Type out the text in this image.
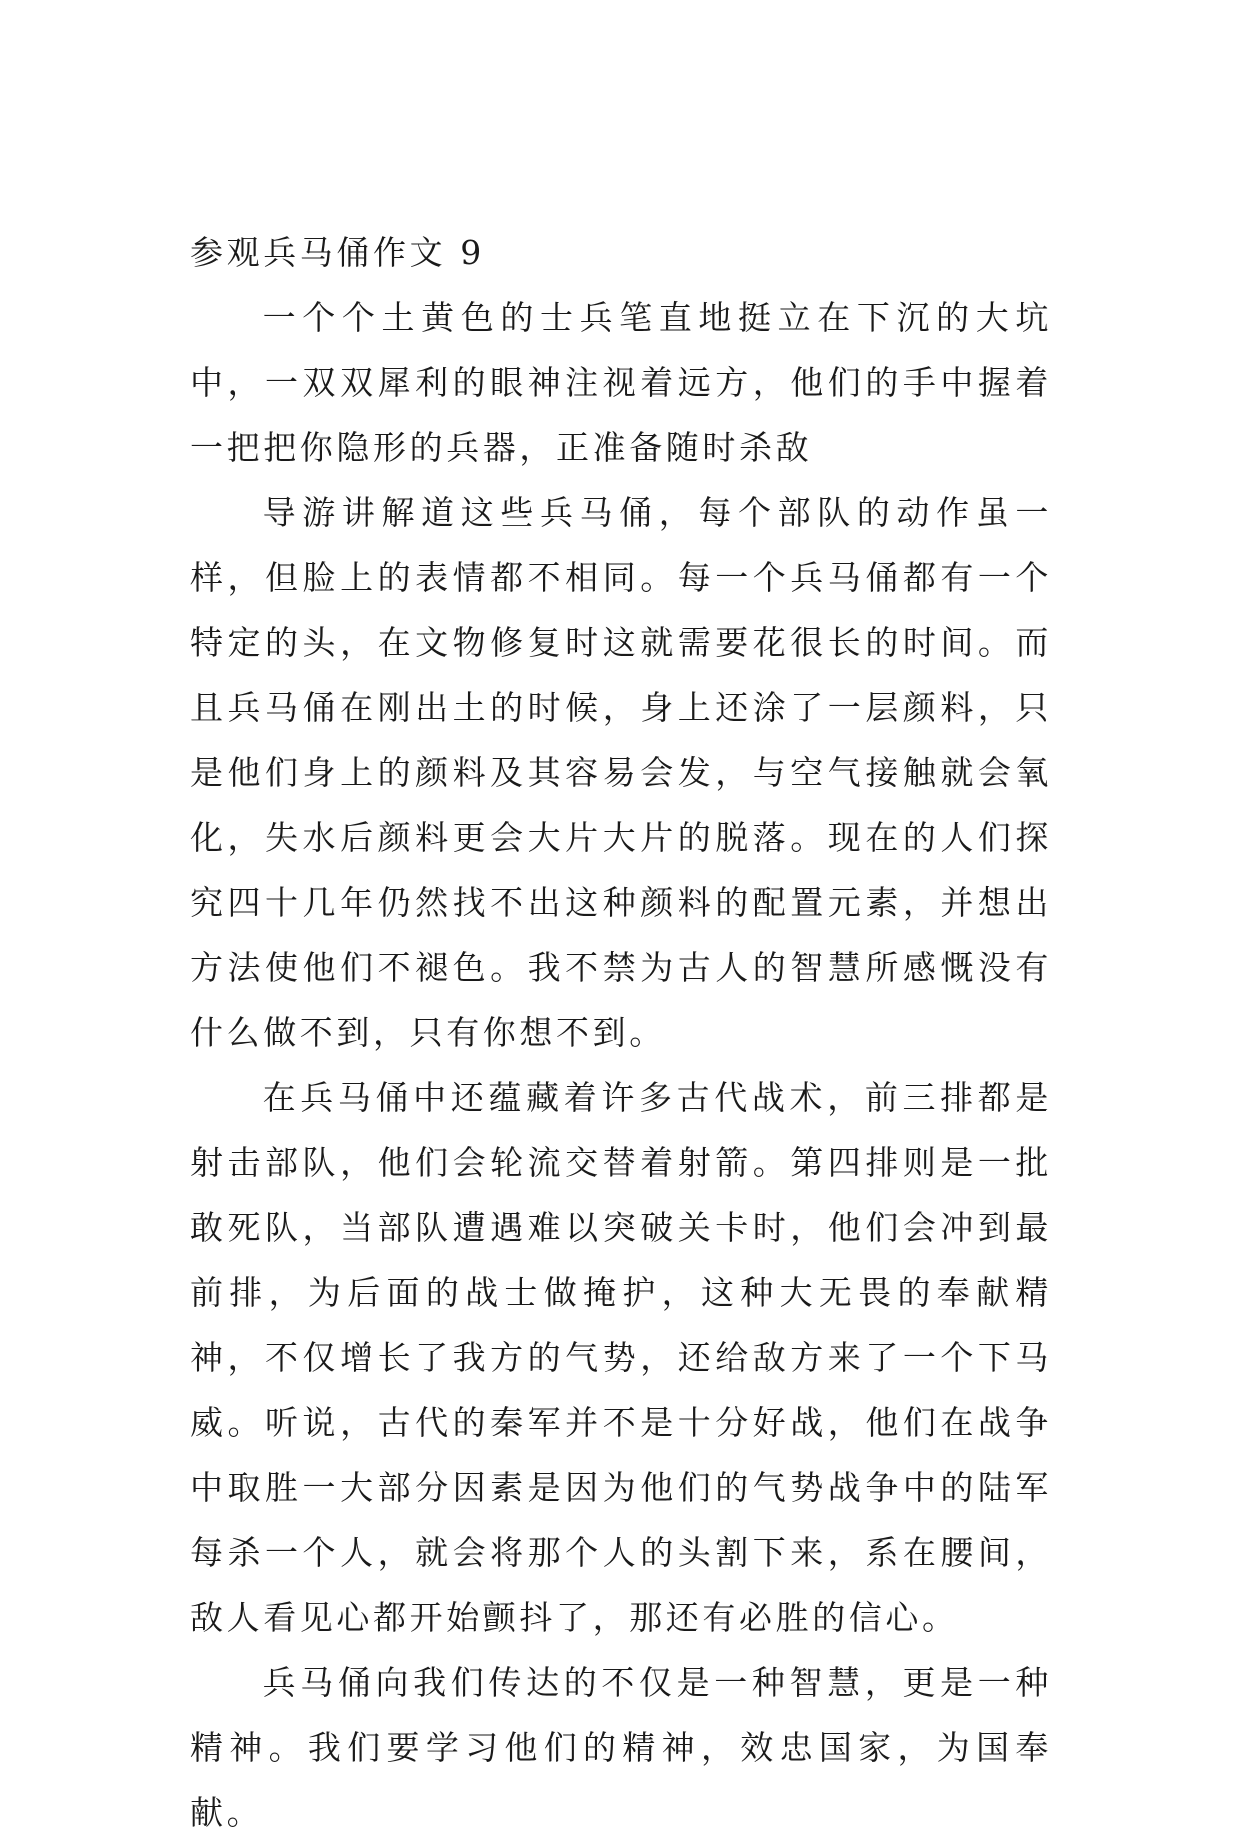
参观兵马俑作文 9

一个个土黄色的士兵笔直地挺立在下沉的大坑中，一双双犀利的眼神注视着远方，他们的手中握着一把把你隐形的兵器，正准备随时杀敌

导游讲解道这些兵马俑，每个部队的动作虽一样，但脸上的表情都不相同。每一个兵马俑都有一个特定的头，在文物修复时这就需要花很长的时间。而且兵马俑在刚出土的时候，身上还涂了一层颜料，只是他们身上的颜料及其容易会发，与空气接触就会氧化，失水后颜料更会大片大片的脱落。现在的人们探究四十几年仍然找不出这种颜料的配置元素，并想出方法使他们不褪色。我不禁为古人的智慧所感慨没有什么做不到，只有你想不到。

在兵马俑中还蕴藏着许多古代战术，前三排都是射击部队，他们会轮流交替着射箭。第四排则是一批敢死队，当部队遭遇难以突破关卡时，他们会冲到最前排，为后面的战士做掩护，这种大无畏的奉献精神，不仅增长了我方的气势，还给敌方来了一个下马威。听说，古代的秦军并不是十分好战，他们在战争中取胜一大部分因素是因为他们的气势战争中的陆军每杀一个人，就会将那个人的头割下来，系在腰间，敌人看见心都开始颤抖了，那还有必胜的信心。

兵马俑向我们传达的不仅是一种智慧，更是一种精神。我们要学习他们的精神，效忠国家，为国奉献。
